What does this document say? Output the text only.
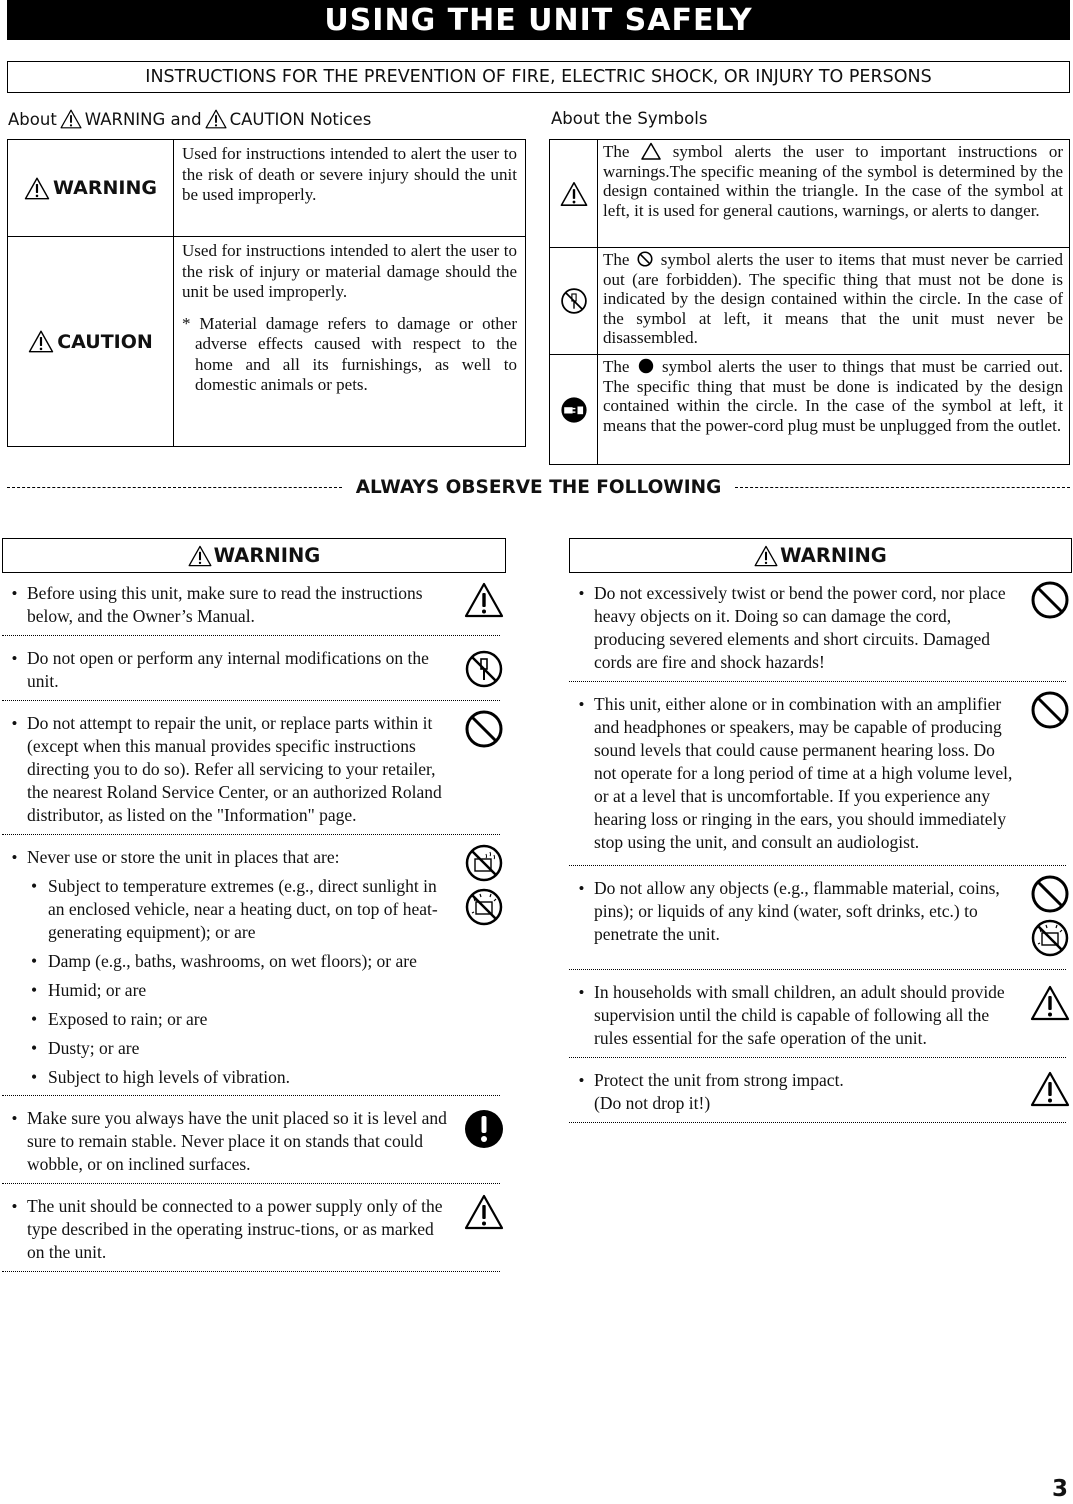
USING THE UNIT SAFELY
INSTRUCTIONS FOR THE PREVENTION OF FIRE, ELECTRIC SHOCK, OR INJURY TO PERSONS
About WARNING and CAUTION Notices
WARNING

Used for instructions intended to alert the user to the risk of death or severe injury should the unit be used improperly.

CAUTION

Used for instructions intended to alert the user to the risk of injury or material damage should the unit be used improperly.

* Material damage refers to damage or other adverse effects caused with respect to the home and all its furnishings, as well to domestic animals or pets.

About the Symbols
The	symbol alerts the user to important instructions or warnings.The specific meaning of the symbol is determined by the design contained within the triangle. In the case of the symbol at left, it is used for general cautions, warnings, or alerts to danger.
The symbol alerts the user to items that must never be carried out (are forbidden). The specific thing that must not be done is indicated by the design contained within the circle. In the case of the symbol at left, it means that the unit must never be disassembled.
The symbol alerts the user to things that must be carried out. The specific thing that must be done is indicated by the design contained within the circle. In the case of the symbol at left, it means that the power-cord plug must be unplugged from the outlet.
ALWAYS OBSERVE THE FOLLOWING
WARNING
• Before using this unit, make sure to read the instructions below, and the Owner’s Manual.
• Do not open or perform any internal modifications on the unit.
• Do not attempt to repair the unit, or replace parts within it (except when this manual provides specific instructions directing you to do so). Refer all servicing to your retailer, the nearest Roland Service Center, or an authorized Roland distributor, as listed on the "Information" page.
• Never use or store the unit in places that are:
• Subject to temperature extremes (e.g., direct sunlight in an enclosed vehicle, near a heating duct, on top of heat-generating equipment); or are
• Damp (e.g., baths, washrooms, on wet floors); or are
• Humid; or are
• Exposed to rain; or are
• Dusty; or are
• Subject to high levels of vibration.
• Make sure you always have the unit placed so it is level and sure to remain stable. Never place it on stands that could wobble, or on inclined surfaces.
• The unit should be connected to a power supply only of the type described in the operating instruc-tions, or as marked on the unit.
WARNING
• Do not excessively twist or bend the power cord, nor place heavy objects on it. Doing so can damage the cord, producing severed elements and short circuits. Damaged cords are fire and shock hazards!
• This unit, either alone or in combination with an amplifier and headphones or speakers, may be capable of producing sound levels that could cause permanent hearing loss. Do not operate for a long period of time at a high volume level, or at a level that is uncomfortable. If you experience any hearing loss or ringing in the ears, you should immediately stop using the unit, and consult an audiologist.
• Do not allow any objects (e.g., flammable material, coins, pins); or liquids of any kind (water, soft drinks, etc.) to penetrate the unit.
• In households with small children, an adult should provide supervision until the child is capable of following all the rules essential for the safe operation of the unit.
• Protect the unit from strong impact.
(Do not drop it!)
3
